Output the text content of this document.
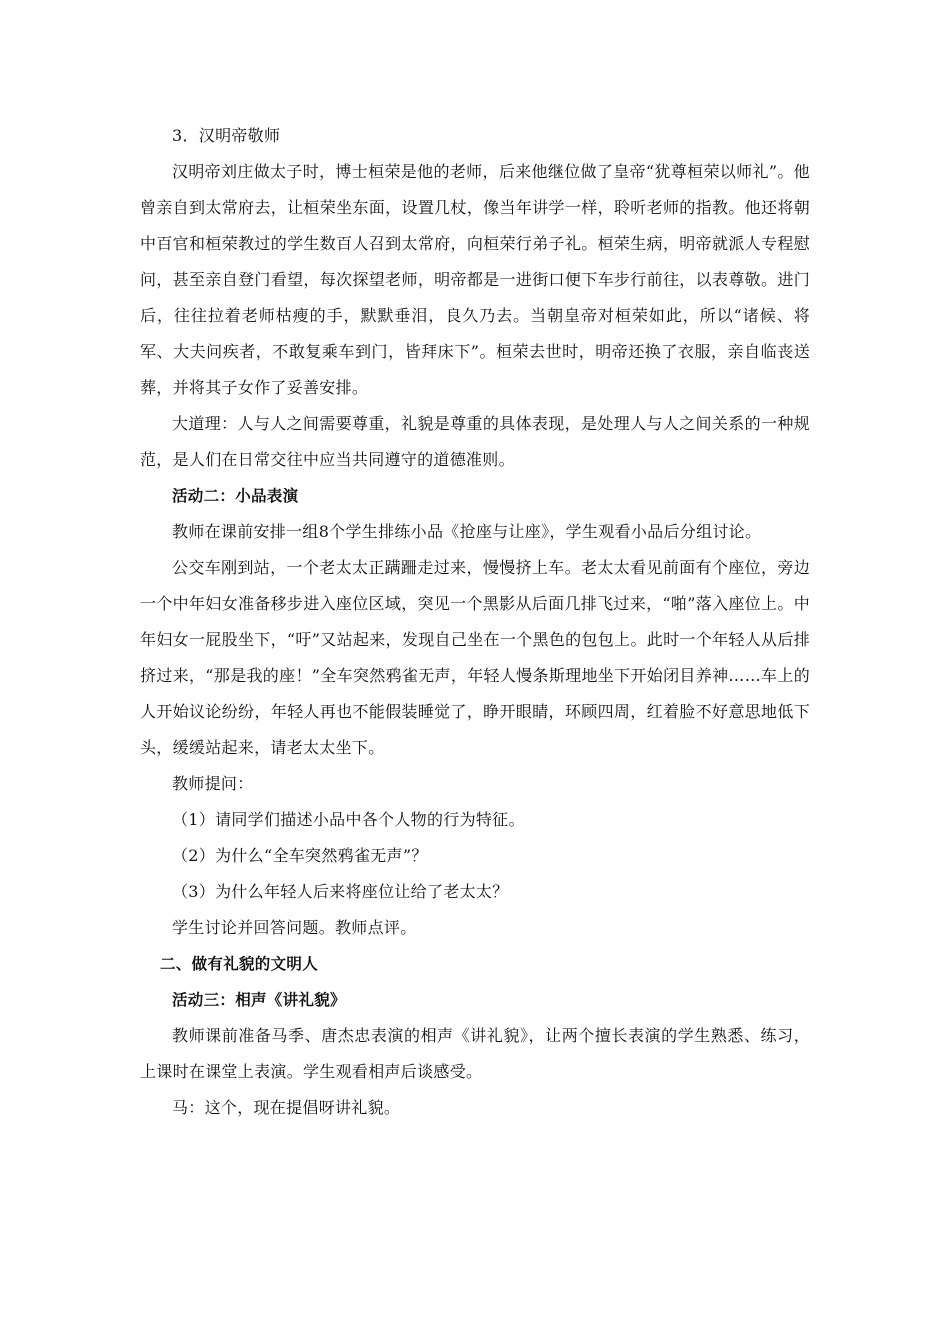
3．汉明帝敬师

汉明帝刘庄做太子时，博士桓荣是他的老师，后来他继位做了皇帝“犹尊桓荣以师礼”。他曾亲自到太常府去，让桓荣坐东面，设置几杖，像当年讲学一样，聆听老师的指教。他还将朝中百官和桓荣教过的学生数百人召到太常府，向桓荣行弟子礼。桓荣生病，明帝就派人专程慰问，甚至亲自登门看望，每次探望老师，明帝都是一进街口便下车步行前往，以表尊敬。进门后，往往拉着老师枯瘦的手，默默垂泪，良久乃去。当朝皇帝对桓荣如此，所以“诸候、将军、大夫问疾者，不敢复乘车到门，皆拜床下”。桓荣去世时，明帝还换了衣服，亲自临丧送葬，并将其子女作了妥善安排。

大道理：人与人之间需要尊重，礼貌是尊重的具体表现，是处理人与人之间关系的一种规范，是人们在日常交往中应当共同遵守的道德准则。

活动二：小品表演

教师在课前安排一组8个学生排练小品《抢座与让座》，学生观看小品后分组讨论。

公交车刚到站，一个老太太正蹒跚走过来，慢慢挤上车。老太太看见前面有个座位，旁边一个中年妇女准备移步进入座位区域，突见一个黑影从后面几排飞过来，“啪”落入座位上。中年妇女一屁股坐下，“吁”又站起来，发现自己坐在一个黑色的包包上。此时一个年轻人从后排挤过来，“那是我的座！”全车突然鸦雀无声，年轻人慢条斯理地坐下开始闭目养神……车上的人开始议论纷纷，年轻人再也不能假装睡觉了，睁开眼睛，环顾四周，红着脸不好意思地低下头，缓缓站起来，请老太太坐下。

教师提问：

（1）请同学们描述小品中各个人物的行为特征。

（2）为什么“全车突然鸦雀无声”？

（3）为什么年轻人后来将座位让给了老太太？

学生讨论并回答问题。教师点评。

二、做有礼貌的文明人

活动三：相声《讲礼貌》

教师课前准备马季、唐杰忠表演的相声《讲礼貌》，让两个擅长表演的学生熟悉、练习，上课时在课堂上表演。学生观看相声后谈感受。

马：这个，现在提倡呀讲礼貌。
